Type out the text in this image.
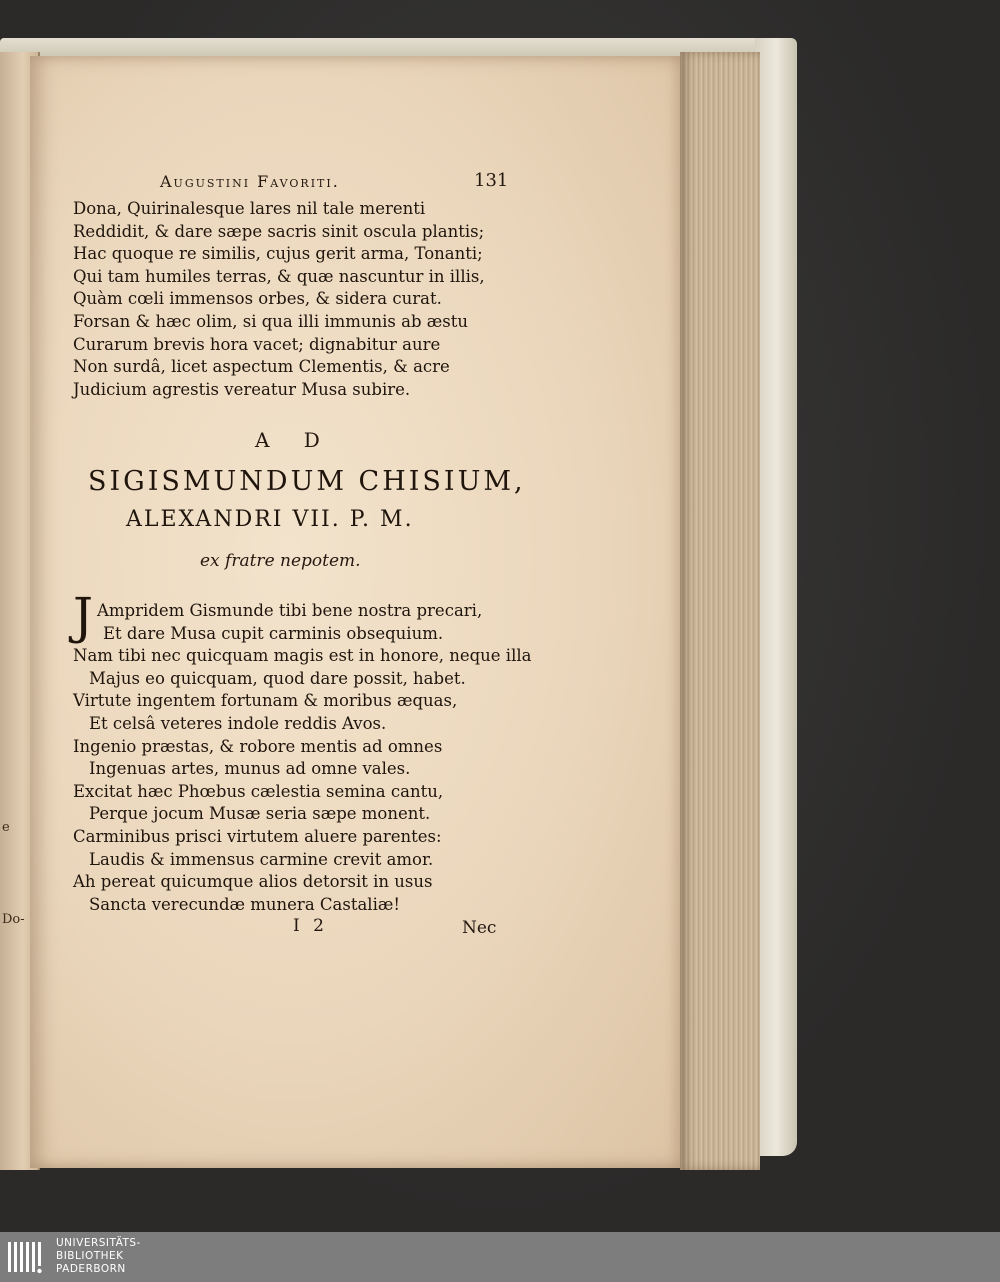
e
Do-
Augustini Favoriti.	131
Dona, Quirinalesque lares nil tale merenti
Reddidit, & dare sæpe sacris sinit oscula plantis;
Hac quoque re similis, cujus gerit arma, Tonanti;
Qui tam humiles terras, & quæ nascuntur in illis,
Quàm cœli immensos orbes, & sidera curat.
Forsan & hæc olim, si qua illi immunis ab æstu
Curarum brevis hora vacet; dignabitur aure
Non surdâ, licet aspectum Clementis, & acre
Judicium agrestis vereatur Musa subire.
A D
SIGISMUNDUM CHISIUM,
ALEXANDRI VII. P. M.
ex fratre nepotem.
J Ampridem Gismunde tibi bene nostra precari,
Et dare Musa cupit carminis obsequium.
Nam tibi nec quicquam magis est in honore, neque illa
Majus eo quicquam, quod dare possit, habet.
Virtute ingentem fortunam & moribus æquas,
Et celsâ veteres indole reddis Avos.
Ingenio præstas, & robore mentis ad omnes
Ingenuas artes, munus ad omne vales.
Excitat hæc Phœbus cælestia semina cantu,
Perque jocum Musæ seria sæpe monent.
Carminibus prisci virtutem aluere parentes:
Laudis & immensus carmine crevit amor.
Ah pereat quicumque alios detorsit in usus
Sancta verecundæ munera Castaliæ!
I 2	Nec
UNIVERSITÄTS-
BIBLIOTHEK
PADERBORN
